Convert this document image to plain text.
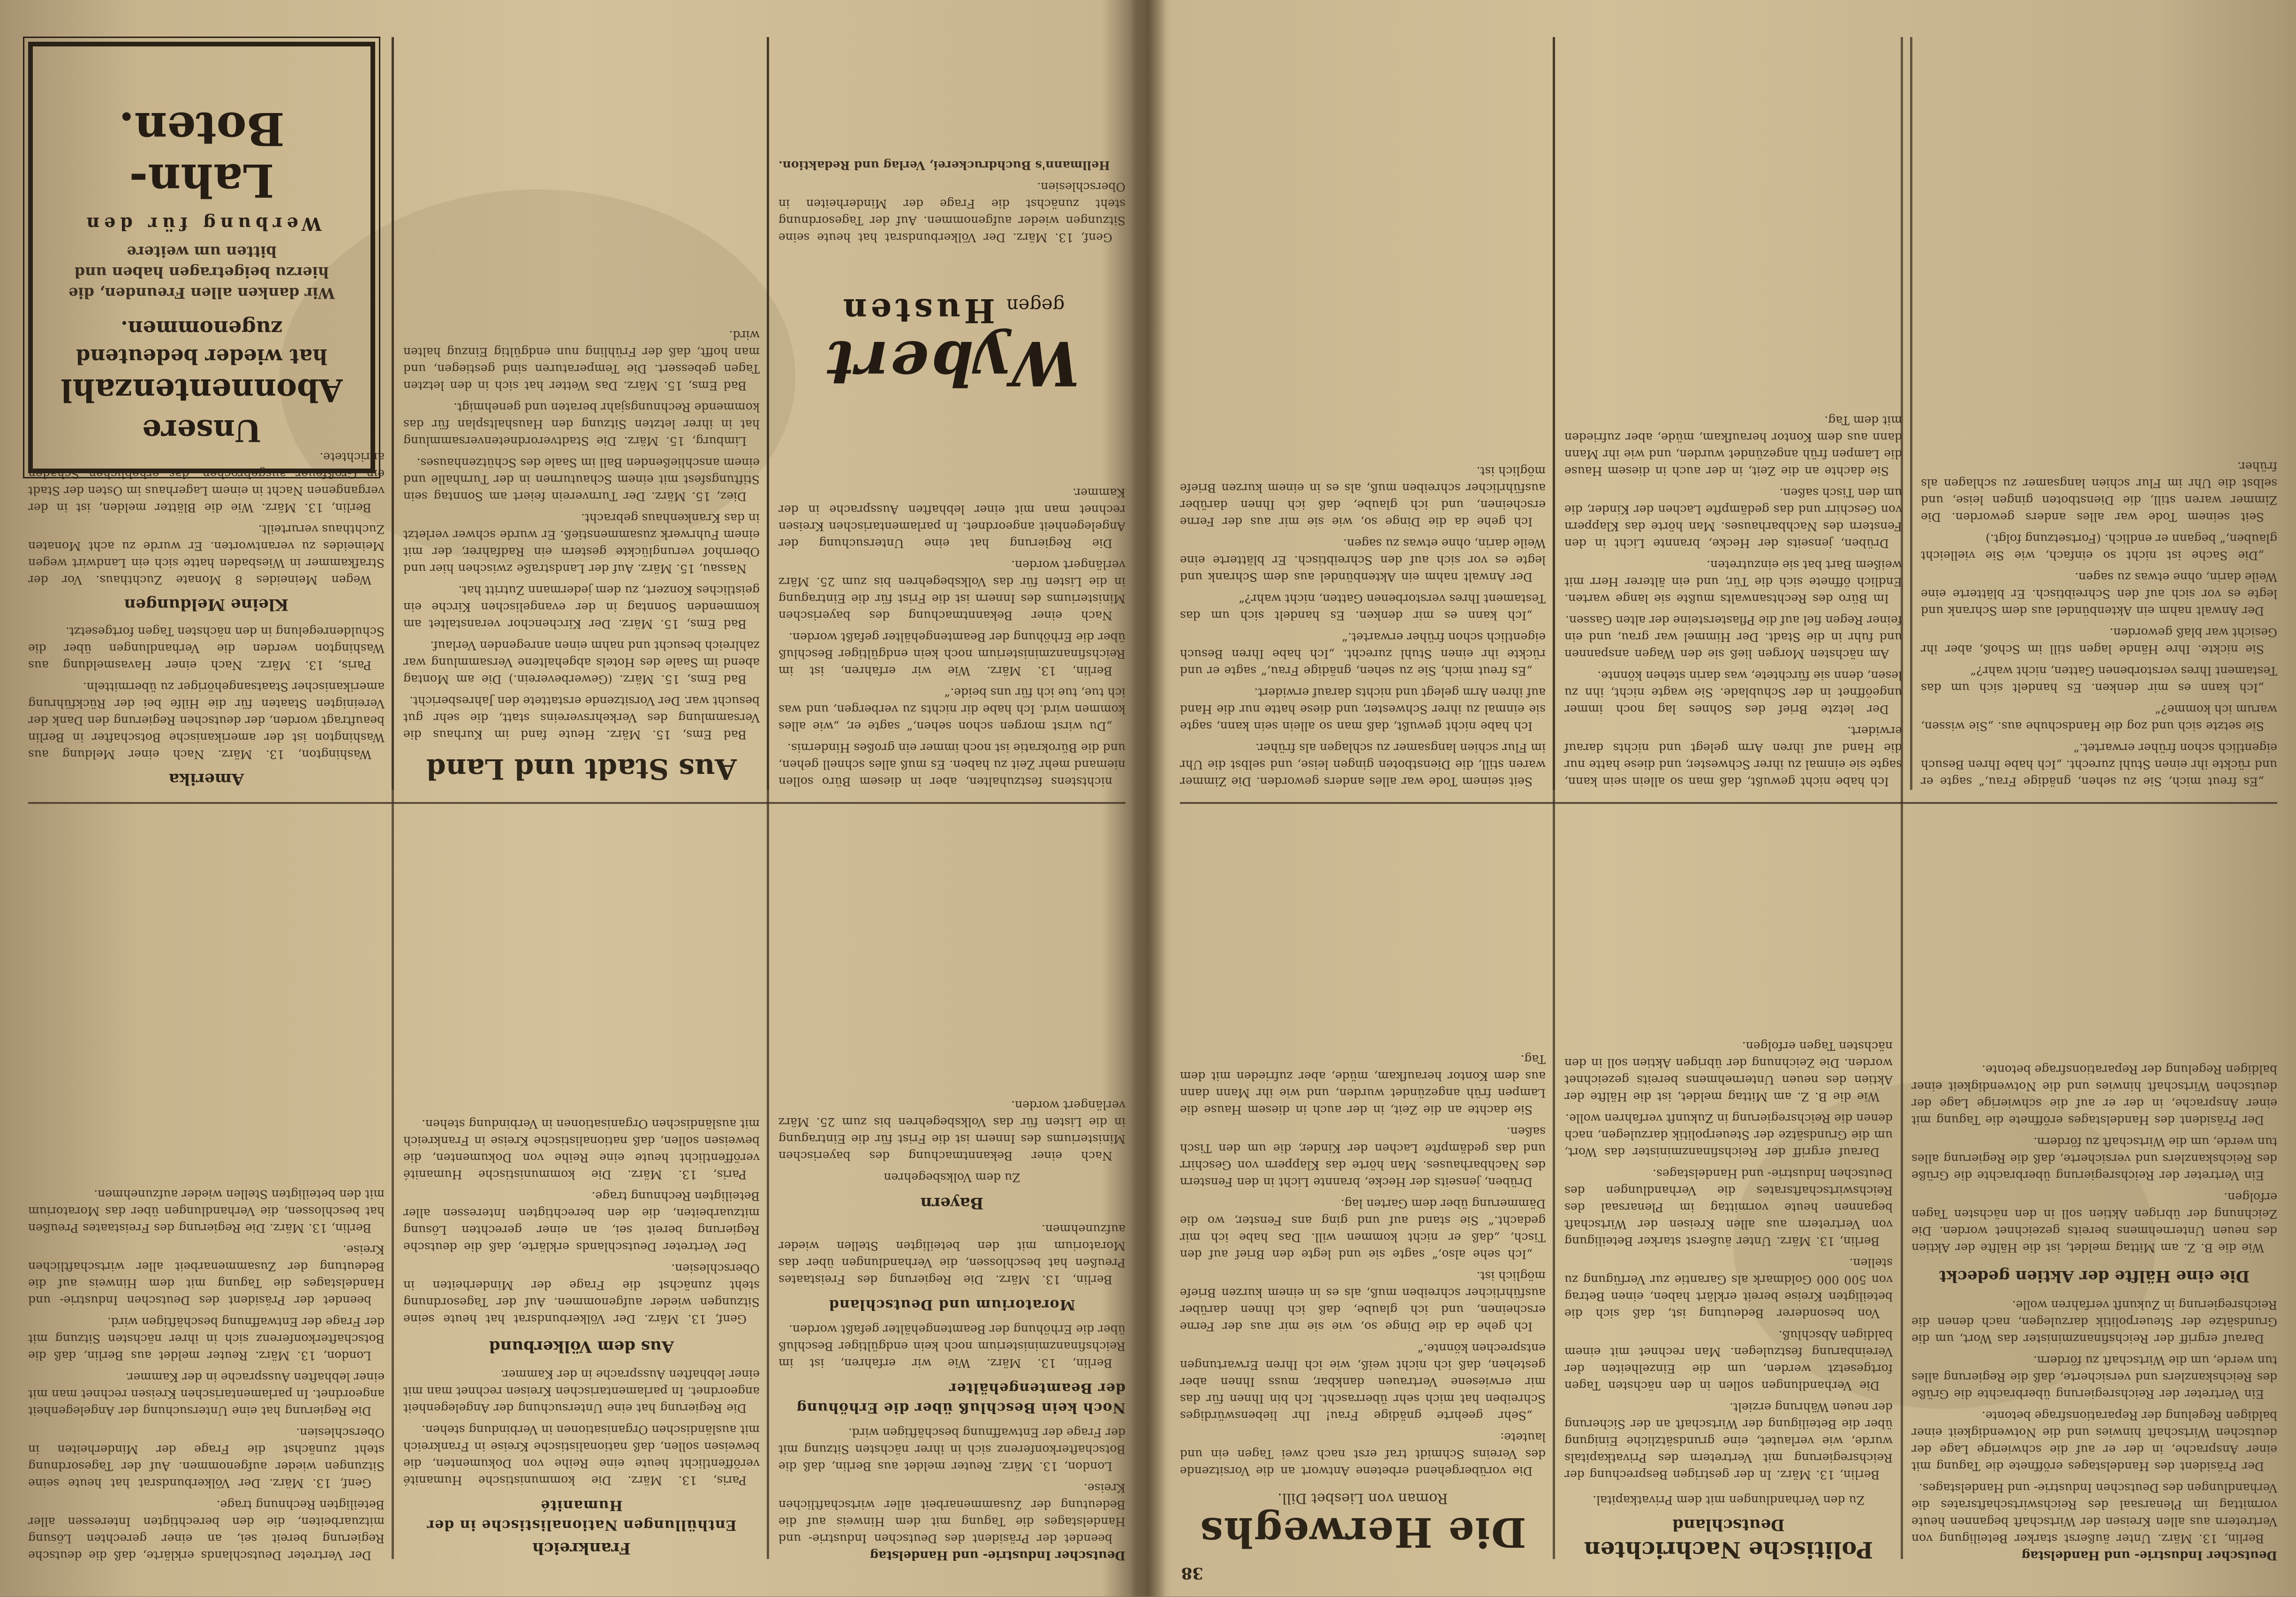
38
Deutscher Industrie- und Handelstag

Berlin, 13. März. Unter äußerst starker Beteiligung von Vertretern aus allen Kreisen der Wirtschaft begannen heute vormittag im Plenarsaal des Reichswirtschaftsrates die Verhandlungen des Deutschen Industrie- und Handelstages.

Der Präsident des Handelstages eröffnete die Tagung mit einer Ansprache, in der er auf die schwierige Lage der deutschen Wirtschaft hinwies und die Notwendigkeit einer baldigen Regelung der Reparationsfrage betonte.

Ein Vertreter der Reichsregierung überbrachte die Grüße des Reichskanzlers und versicherte, daß die Regierung alles tun werde, um die Wirtschaft zu fördern.

Darauf ergriff der Reichsfinanzminister das Wort, um die Grundsätze der Steuerpolitik darzulegen, nach denen die Reichsregierung in Zukunft verfahren wolle.

Die eine Hälfte der Aktien gedeckt

Wie die B. Z. am Mittag meldet, ist die Hälfte der Aktien des neuen Unternehmens bereits gezeichnet worden. Die Zeichnung der übrigen Aktien soll in den nächsten Tagen erfolgen.

Ein Vertreter der Reichsregierung überbrachte die Grüße des Reichskanzlers und versicherte, daß die Regierung alles tun werde, um die Wirtschaft zu fördern.

Der Präsident des Handelstages eröffnete die Tagung mit einer Ansprache, in der er auf die schwierige Lage der deutschen Wirtschaft hinwies und die Notwendigkeit einer baldigen Regelung der Reparationsfrage betonte.

Politische Nachrichten
Deutschland

Zu den Verhandlungen mit dem Privatkapital.

Berlin, 13. März. In der gestrigen Besprechung der Reichsregierung mit Vertretern des Privatkapitals wurde, wie verlautet, eine grundsätzliche Einigung über die Beteiligung der Wirtschaft an der Sicherung der neuen Währung erzielt.

Die Verhandlungen sollen in den nächsten Tagen fortgesetzt werden, um die Einzelheiten der Vereinbarung festzulegen. Man rechnet mit einem baldigen Abschluß.

Von besonderer Bedeutung ist, daß sich die beteiligten Kreise bereit erklärt haben, einen Betrag von 500 000 Goldmark als Garantie zur Verfügung zu stellen.

Berlin, 13. März. Unter äußerst starker Beteiligung von Vertretern aus allen Kreisen der Wirtschaft begannen heute vormittag im Plenarsaal des Reichswirtschaftsrates die Verhandlungen des Deutschen Industrie- und Handelstages.

Darauf ergriff der Reichsfinanzminister das Wort, um die Grundsätze der Steuerpolitik darzulegen, nach denen die Reichsregierung in Zukunft verfahren wolle.

Wie die B. Z. am Mittag meldet, ist die Hälfte der Aktien des neuen Unternehmens bereits gezeichnet worden. Die Zeichnung der übrigen Aktien soll in den nächsten Tagen erfolgen.

Die Herweghs
Roman von Liesbet Dill.

Die vorübergehend erbetene Antwort an die Vorsitzende des Vereins Schmidt traf erst nach zwei Tagen ein und lautete:

„Sehr geehrte gnädige Frau! Ihr liebenswürdiges Schreiben hat mich sehr überrascht. Ich bin Ihnen für das mir erwiesene Vertrauen dankbar, muss Ihnen aber gestehen, daß ich nicht weiß, wie ich Ihren Erwartungen entsprechen könnte.“

Ich gehe da die Dinge so, wie sie mir aus der Ferne erscheinen, und ich glaube, daß ich Ihnen darüber ausführlicher schreiben muß, als es in einem kurzen Briefe möglich ist.

„Ich sehe also,“ sagte sie und legte den Brief auf den Tisch, „daß er nicht kommen will. Das habe ich mir gedacht.“ Sie stand auf und ging ans Fenster, wo die Dämmerung über dem Garten lag.

Drüben, jenseits der Hecke, brannte Licht in den Fenstern des Nachbarhauses. Man hörte das Klappern von Geschirr und das gedämpfte Lachen der Kinder, die um den Tisch saßen.

Sie dachte an die Zeit, in der auch in diesem Hause die Lampen früh angezündet wurden, und wie ihr Mann dann aus dem Kontor heraufkam, müde, aber zufrieden mit dem Tag.

„Es freut mich, Sie zu sehen, gnädige Frau,“ sagte er und rückte ihr einen Stuhl zurecht. „Ich habe Ihren Besuch eigentlich schon früher erwartet.“

Sie setzte sich und zog die Handschuhe aus. „Sie wissen, warum ich komme?“

„Ich kann es mir denken. Es handelt sich um das Testament Ihres verstorbenen Gatten, nicht wahr?“

Sie nickte. Ihre Hände lagen still im Schoß, aber ihr Gesicht war blaß geworden.

Der Anwalt nahm ein Aktenbündel aus dem Schrank und legte es vor sich auf den Schreibtisch. Er blätterte eine Weile darin, ohne etwas zu sagen.

„Die Sache ist nicht so einfach, wie Sie vielleicht glauben,“ begann er endlich. (Fortsetzung folgt.)

Seit seinem Tode war alles anders geworden. Die Zimmer waren still, die Dienstboten gingen leise, und selbst die Uhr im Flur schien langsamer zu schlagen als früher.

Ich habe nicht gewußt, daß man so allein sein kann, sagte sie einmal zu ihrer Schwester, und diese hatte nur die Hand auf ihren Arm gelegt und nichts darauf erwidert.

Der letzte Brief des Sohnes lag noch immer ungeöffnet in der Schublade. Sie wagte nicht, ihn zu lesen, denn sie fürchtete, was darin stehen könnte.

Am nächsten Morgen ließ sie den Wagen anspannen und fuhr in die Stadt. Der Himmel war grau, und ein feiner Regen fiel auf die Pflastersteine der alten Gassen.

Im Büro des Rechtsanwalts mußte sie lange warten. Endlich öffnete sich die Tür, und ein älterer Herr mit weißem Bart bat sie einzutreten.

Drüben, jenseits der Hecke, brannte Licht in den Fenstern des Nachbarhauses. Man hörte das Klappern von Geschirr und das gedämpfte Lachen der Kinder, die um den Tisch saßen.

Sie dachte an die Zeit, in der auch in diesem Hause die Lampen früh angezündet wurden, und wie ihr Mann dann aus dem Kontor heraufkam, müde, aber zufrieden mit dem Tag.

Seit seinem Tode war alles anders geworden. Die Zimmer waren still, die Dienstboten gingen leise, und selbst die Uhr im Flur schien langsamer zu schlagen als früher.

Ich habe nicht gewußt, daß man so allein sein kann, sagte sie einmal zu ihrer Schwester, und diese hatte nur die Hand auf ihren Arm gelegt und nichts darauf erwidert.

„Es freut mich, Sie zu sehen, gnädige Frau,“ sagte er und rückte ihr einen Stuhl zurecht. „Ich habe Ihren Besuch eigentlich schon früher erwartet.“

„Ich kann es mir denken. Es handelt sich um das Testament Ihres verstorbenen Gatten, nicht wahr?“

Der Anwalt nahm ein Aktenbündel aus dem Schrank und legte es vor sich auf den Schreibtisch. Er blätterte eine Weile darin, ohne etwas zu sagen.

Ich gehe da die Dinge so, wie sie mir aus der Ferne erscheinen, und ich glaube, daß ich Ihnen darüber ausführlicher schreiben muß, als es in einem kurzen Briefe möglich ist.

Deutscher Industrie- und Handelstag

beendet der Präsident des Deutschen Industrie- und Handelstages die Tagung mit dem Hinweis auf die Bedeutung der Zusammenarbeit aller wirtschaftlichen Kreise.

London, 13. März. Reuter meldet aus Berlin, daß die Botschafterkonferenz sich in ihrer nächsten Sitzung mit der Frage der Entwaffnung beschäftigen wird.

Noch kein Beschluß über die Erhöhung der Beamtengehälter

Berlin, 13. März. Wie wir erfahren, ist im Reichsfinanzministerium noch kein endgültiger Beschluß über die Erhöhung der Beamtengehälter gefaßt worden.

Moratorium und Deutschland

Berlin, 13. März. Die Regierung des Freistaates Preußen hat beschlossen, die Verhandlungen über das Moratorium mit den beteiligten Stellen wieder aufzunehmen.

Bayern
Zu dem Volksbegehren

Nach einer Bekanntmachung des bayerischen Ministeriums des Innern ist die Frist für die Eintragung in die Listen für das Volksbegehren bis zum 25. März verlängert worden.

Frankreich
Enthüllungen Nationalistische in der Humanité

Paris, 13. März. Die kommunistische Humanité veröffentlicht heute eine Reihe von Dokumenten, die beweisen sollen, daß nationalistische Kreise in Frankreich mit ausländischen Organisationen in Verbindung stehen.

Die Regierung hat eine Untersuchung der Angelegenheit angeordnet. In parlamentarischen Kreisen rechnet man mit einer lebhaften Aussprache in der Kammer.

Aus dem Völkerbund

Genf, 13. März. Der Völkerbundsrat hat heute seine Sitzungen wieder aufgenommen. Auf der Tagesordnung steht zunächst die Frage der Minderheiten in Oberschlesien.

Der Vertreter Deutschlands erklärte, daß die deutsche Regierung bereit sei, an einer gerechten Lösung mitzuarbeiten, die den berechtigten Interessen aller Beteiligten Rechnung trage.

Paris, 13. März. Die kommunistische Humanité veröffentlicht heute eine Reihe von Dokumenten, die beweisen sollen, daß nationalistische Kreise in Frankreich mit ausländischen Organisationen in Verbindung stehen.

Der Vertreter Deutschlands erklärte, daß die deutsche Regierung bereit sei, an einer gerechten Lösung mitzuarbeiten, die den berechtigten Interessen aller Beteiligten Rechnung trage.

Genf, 13. März. Der Völkerbundsrat hat heute seine Sitzungen wieder aufgenommen. Auf der Tagesordnung steht zunächst die Frage der Minderheiten in Oberschlesien.

Die Regierung hat eine Untersuchung der Angelegenheit angeordnet. In parlamentarischen Kreisen rechnet man mit einer lebhaften Aussprache in der Kammer.

London, 13. März. Reuter meldet aus Berlin, daß die Botschafterkonferenz sich in ihrer nächsten Sitzung mit der Frage der Entwaffnung beschäftigen wird.

beendet der Präsident des Deutschen Industrie- und Handelstages die Tagung mit dem Hinweis auf die Bedeutung der Zusammenarbeit aller wirtschaftlichen Kreise.

Berlin, 13. März. Die Regierung des Freistaates Preußen hat beschlossen, die Verhandlungen über das Moratorium mit den beteiligten Stellen wieder aufzunehmen.

nichtstens festzuhalten, aber in diesem Büro sollen niemand mehr Zeit zu haben. Es muß alles schnell gehen, und die Bürokratie ist noch immer ein großes Hindernis.

„Du wirst morgen schon sehen,“ sagte er, „wie alles kommen wird. Ich habe dir nichts zu verbergen, und was ich tue, tue ich für uns beide.“

Berlin, 13. März. Wie wir erfahren, ist im Reichsfinanzministerium noch kein endgültiger Beschluß über die Erhöhung der Beamtengehälter gefaßt worden.

Nach einer Bekanntmachung des bayerischen Ministeriums des Innern ist die Frist für die Eintragung in die Listen für das Volksbegehren bis zum 25. März verlängert worden.

Die Regierung hat eine Untersuchung der Angelegenheit angeordnet. In parlamentarischen Kreisen rechnet man mit einer lebhaften Aussprache in der Kammer.

Wybert
gegen
Husten

Genf, 13. März. Der Völkerbundsrat hat heute seine Sitzungen wieder aufgenommen. Auf der Tagesordnung steht zunächst die Frage der Minderheiten in Oberschlesien.

Hellmann's Buchdruckerei, Verlag und Redaktion.

Aus Stadt und Land

Bad Ems, 15. März. Heute fand im Kurhaus die Versammlung des Verkehrsvereins statt, die sehr gut besucht war. Der Vorsitzende erstattete den Jahresbericht.

Bad Ems, 15. März. (Gewerbeverein.) Die am Montag abend im Saale des Hotels abgehaltene Versammlung war zahlreich besucht und nahm einen anregenden Verlauf.

Bad Ems, 15. März. Der Kirchenchor veranstaltet am kommenden Sonntag in der evangelischen Kirche ein geistliches Konzert, zu dem jedermann Zutritt hat.

Nassau, 15. März. Auf der Landstraße zwischen hier und Obernhof verunglückte gestern ein Radfahrer, der mit einem Fuhrwerk zusammenstieß. Er wurde schwer verletzt in das Krankenhaus gebracht.

Diez, 15. März. Der Turnverein feiert am Sonntag sein Stiftungsfest mit einem Schauturnen in der Turnhalle und einem anschließenden Ball im Saale des Schützenhauses.

Limburg, 15. März. Die Stadtverordnetenversammlung hat in ihrer letzten Sitzung den Haushaltsplan für das kommende Rechnungsjahr beraten und genehmigt.

Bad Ems, 15. März. Das Wetter hat sich in den letzten Tagen gebessert. Die Temperaturen sind gestiegen, und man hofft, daß der Frühling nun endgültig Einzug halten wird.

Amerika

Washington, 13. März. Nach einer Meldung aus Washington ist der amerikanische Botschafter in Berlin beauftragt worden, der deutschen Regierung den Dank der Vereinigten Staaten für die Hilfe bei der Rückführung amerikanischer Staatsangehöriger zu übermitteln.

Paris, 13. März. Nach einer Havasmeldung aus Washington werden die Verhandlungen über die Schuldenregelung in den nächsten Tagen fortgesetzt.

Kleine Meldungen

Wegen Meineides 8 Monate Zuchthaus. Vor der Strafkammer in Wiesbaden hatte sich ein Landwirt wegen Meineides zu verantworten. Er wurde zu acht Monaten Zuchthaus verurteilt.

Berlin, 13. März. Wie die Blätter melden, ist in der vergangenen Nacht in einem Lagerhaus im Osten der Stadt ein Großfeuer ausgebrochen, das erheblichen Schaden anrichtete.

Unsere
Abonnentenzahl
hat wieder bedeutend
zugenommen.
Wir danken allen Freunden, die hierzu beigetragen haben und bitten um weitere
Werbung für den
Lahn-Boten.
